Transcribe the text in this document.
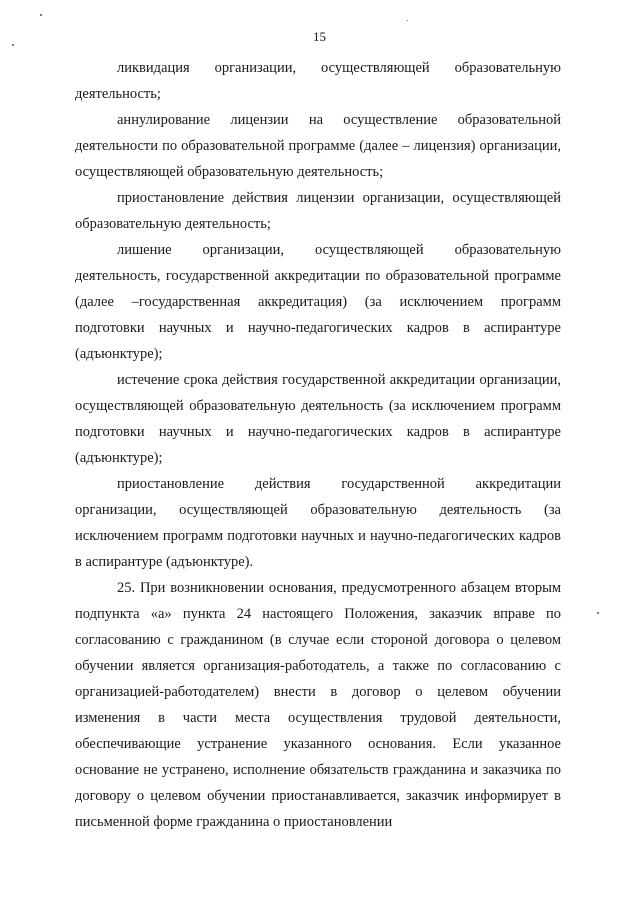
15

ликвидация организации, осуществляющей образовательную деятельность;

аннулирование лицензии на осуществление образовательной деятельности по образовательной программе (далее – лицензия) организации, осуществляющей образовательную деятельность;

приостановление действия лицензии организации, осуществляющей образовательную деятельность;

лишение организации, осуществляющей образовательную деятельность, государственной аккредитации по образовательной программе (далее –государственная аккредитация) (за исключением программ подготовки научных и научно-педагогических кадров в аспирантуре (адъюнктуре);

истечение срока действия государственной аккредитации организации, осуществляющей образовательную деятельность (за исключением программ подготовки научных и научно-педагогических кадров в аспирантуре (адъюнктуре);

приостановление действия государственной аккредитации организации, осуществляющей образовательную деятельность (за исключением программ подготовки научных и научно-педагогических кадров в аспирантуре (адъюнктуре).

25. При возникновении основания, предусмотренного абзацем вторым подпункта «а» пункта 24 настоящего Положения, заказчик вправе по согласованию с гражданином (в случае если стороной договора о целевом обучении является организация-работодатель, а также по согласованию с организацией-работодателем) внести в договор о целевом обучении изменения в части места осуществления трудовой деятельности, обеспечивающие устранение указанного основания. Если указанное основание не устранено, исполнение обязательств гражданина и заказчика по договору о целевом обучении приостанавливается, заказчик информирует в письменной форме гражданина о приостановлении
